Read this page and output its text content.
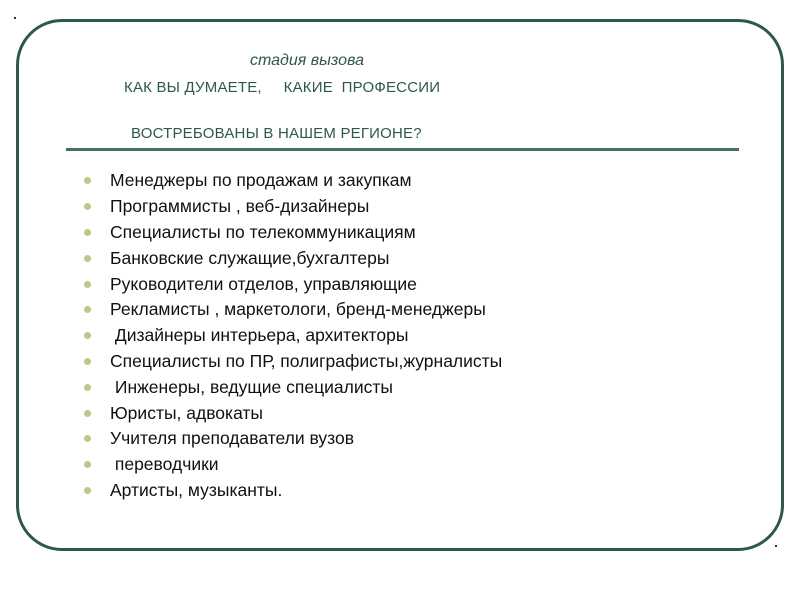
стадия вызова
КАК ВЫ ДУМАЕТЕ,     КАКИЕ  ПРОФЕССИИ
ВОСТРЕБОВАНЫ В НАШЕМ РЕГИОНЕ?
Менеджеры по продажам и закупкам
Программисты , веб-дизайнеры
Специалисты по телекоммуникациям
Банковские служащие,бухгалтеры
Руководители отделов, управляющие
Рекламисты , маркетологи, бренд-менеджеры
Дизайнеры интерьера, архитекторы
Специалисты по ПР, полиграфисты,журналисты
Инженеры, ведущие специалисты
Юристы, адвокаты
Учителя преподаватели вузов
переводчики
Артисты, музыканты.
